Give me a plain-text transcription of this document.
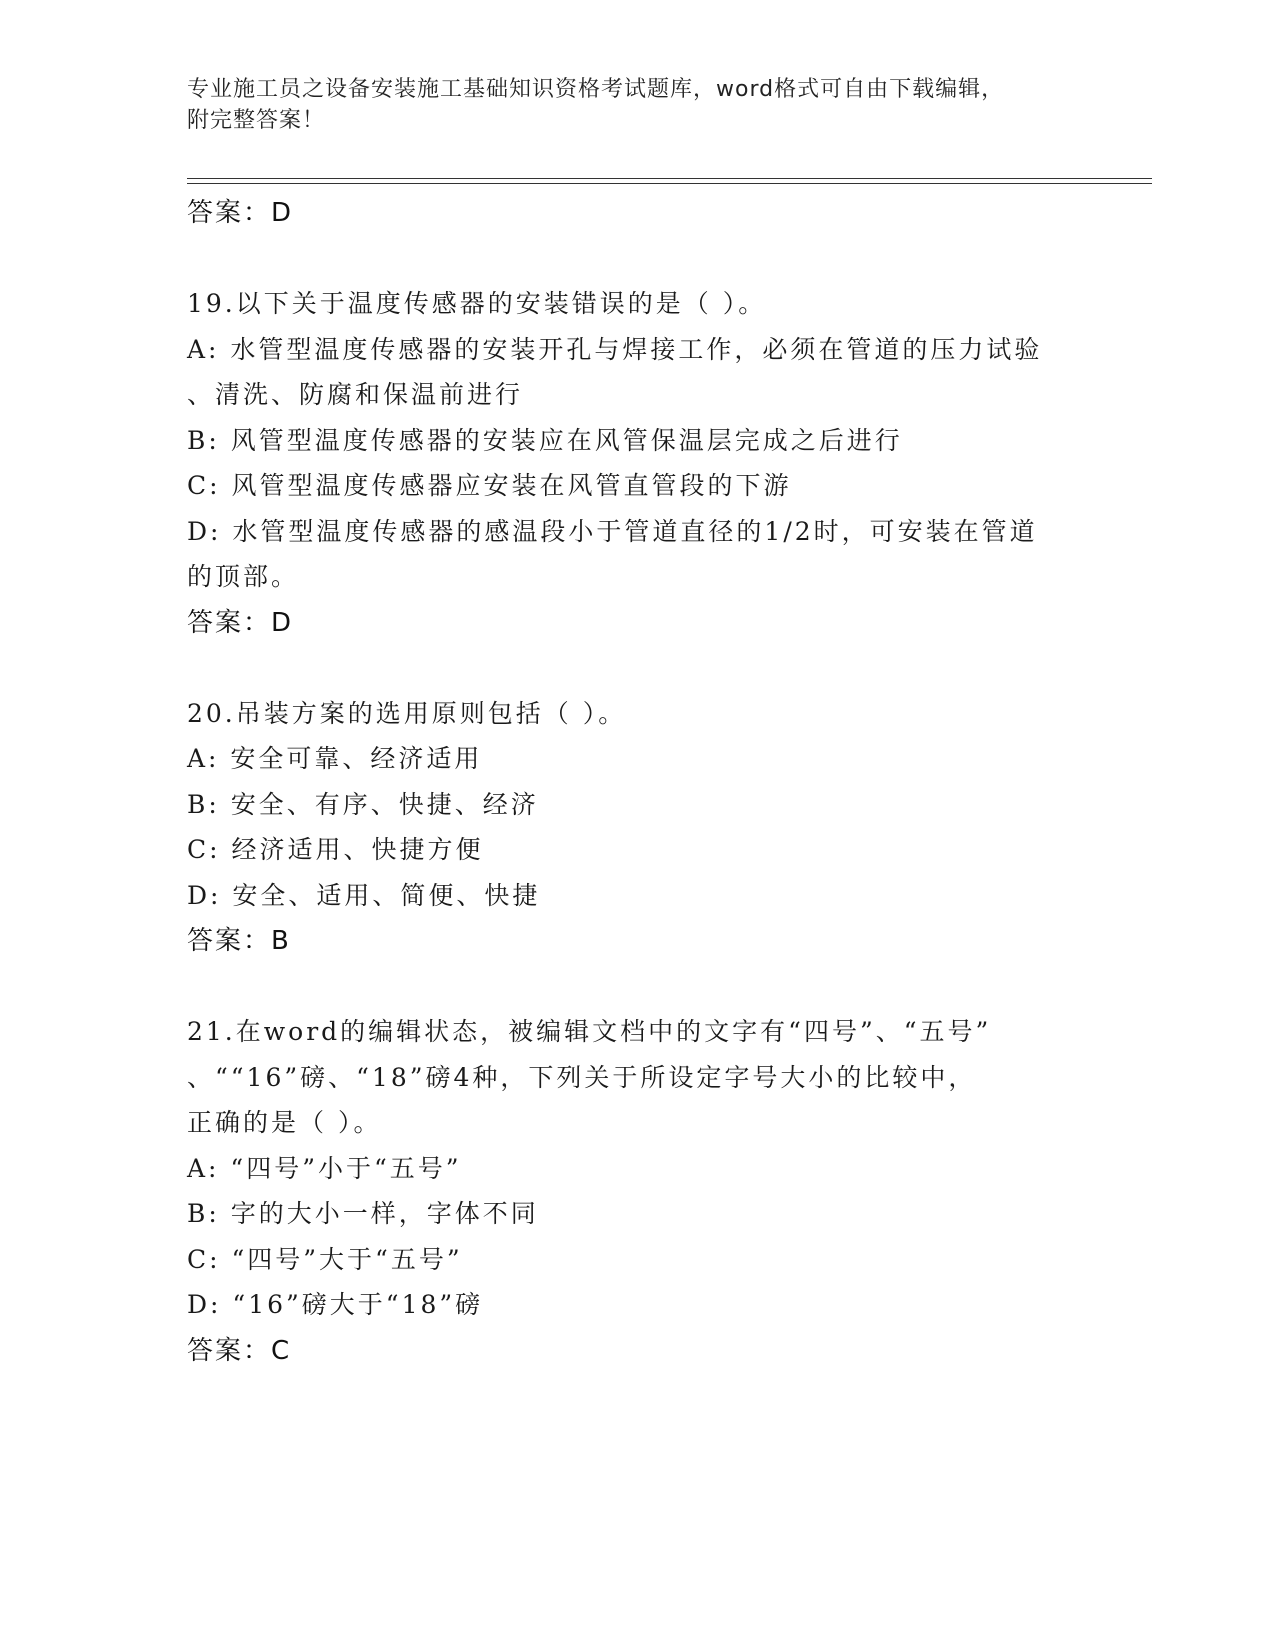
专业施工员之设备安装施工基础知识资格考试题库，word格式可自由下载编辑，
附完整答案！
答案：D
19.以下关于温度传感器的安装错误的是（ ）。
A: 水管型温度传感器的安装开孔与焊接工作，必须在管道的压力试验
、清洗、防腐和保温前进行
B: 风管型温度传感器的安装应在风管保温层完成之后进行
C: 风管型温度传感器应安装在风管直管段的下游
D: 水管型温度传感器的感温段小于管道直径的1/2时，可安装在管道
的顶部。
答案：D
20.吊装方案的选用原则包括（ ）。
A: 安全可靠、经济适用
B: 安全、有序、快捷、经济
C: 经济适用、快捷方便
D: 安全、适用、简便、快捷
答案：B
21.在word的编辑状态，被编辑文档中的文字有“四号”、“五号”
、““16”磅、“18”磅4种，下列关于所设定字号大小的比较中，
正确的是（ ）。
A: “四号”小于“五号”
B: 字的大小一样，字体不同
C: “四号”大于“五号”
D: “16”磅大于“18”磅
答案：C
